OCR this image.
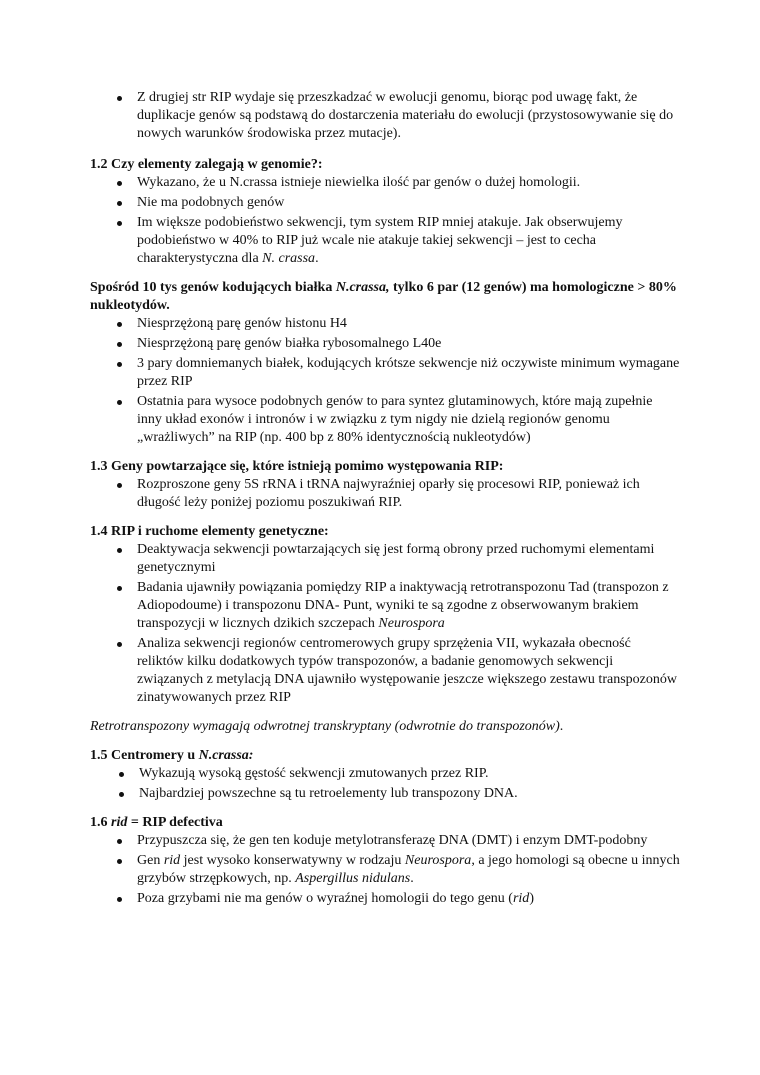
Z drugiej str RIP wydaje się przeszkadzać w ewolucji genomu, biorąc pod uwagę fakt, że duplikacje genów są podstawą do dostarczenia materiału do ewolucji (przystosowywanie się do nowych warunków środowiska przez mutacje).
1.2 Czy elementy zalegają w genomie?:
Wykazano, że u N.crassa istnieje niewielka ilość par genów o dużej homologii.
Nie ma podobnych genów
Im większe podobieństwo sekwencji, tym system RIP mniej atakuje. Jak obserwujemy podobieństwo w 40% to RIP już wcale nie atakuje takiej sekwencji – jest to cecha charakterystyczna dla N. crassa.
Spośród 10 tys genów kodujących białka N.crassa, tylko 6 par (12 genów) ma homologiczne > 80% nukleotydów.
Niesprzężoną parę genów histonu H4
Niesprzężoną parę genów białka rybosomalnego L40e
3 pary domniemanych białek, kodujących krótsze sekwencje niż oczywiste minimum wymagane przez RIP
Ostatnia para wysoce podobnych genów to para syntez glutaminowych, które mają zupełnie inny układ exonów i intronów i w związku z tym nigdy nie dzielą regionów genomu „wrażliwych” na RIP (np. 400 bp z 80% identycznością nukleotydów)
1.3 Geny powtarzające się, które istnieją pomimo występowania RIP:
Rozproszone geny 5S rRNA i tRNA najwyraźniej oparły się procesowi RIP, ponieważ ich długość leży poniżej poziomu poszukiwań RIP.
1.4 RIP i ruchome elementy genetyczne:
Deaktywacja sekwencji powtarzających się jest formą obrony przed ruchomymi elementami genetycznymi
Badania ujawniły powiązania pomiędzy RIP a inaktywacją retrotranspozonu Tad (transpozon z Adiopodoume) i transpozonu DNA- Punt, wyniki te są zgodne z obserwowanym brakiem transpozycji w licznych dzikich szczepach Neurospora
Analiza sekwencji regionów centromerowych grupy sprzężenia VII, wykazała obecność reliktów kilku dodatkowych typów transpozonów, a badanie genomowych sekwencji związanych z metylacją DNA ujawniło występowanie jeszcze większego zestawu transpozonów zinatywowanych przez RIP
Retrotranspozony wymagają odwrotnej transkryptany (odwrotnie do transpozonów).
1.5 Centromery u N.crassa:
Wykazują wysoką gęstość sekwencji zmutowanych przez RIP.
Najbardziej powszechne są tu retroelementy lub transpozony DNA.
1.6 rid = RIP defectiva
Przypuszcza się, że gen ten koduje metylotransferazę DNA (DMT) i enzym DMT-podobny
Gen rid jest wysoko konserwatywny w rodzaju Neurospora, a jego homologi są obecne u innych grzybów strzępkowych, np. Aspergillus nidulans.
Poza grzybami nie ma genów o wyraźnej homologii do tego genu (rid)
